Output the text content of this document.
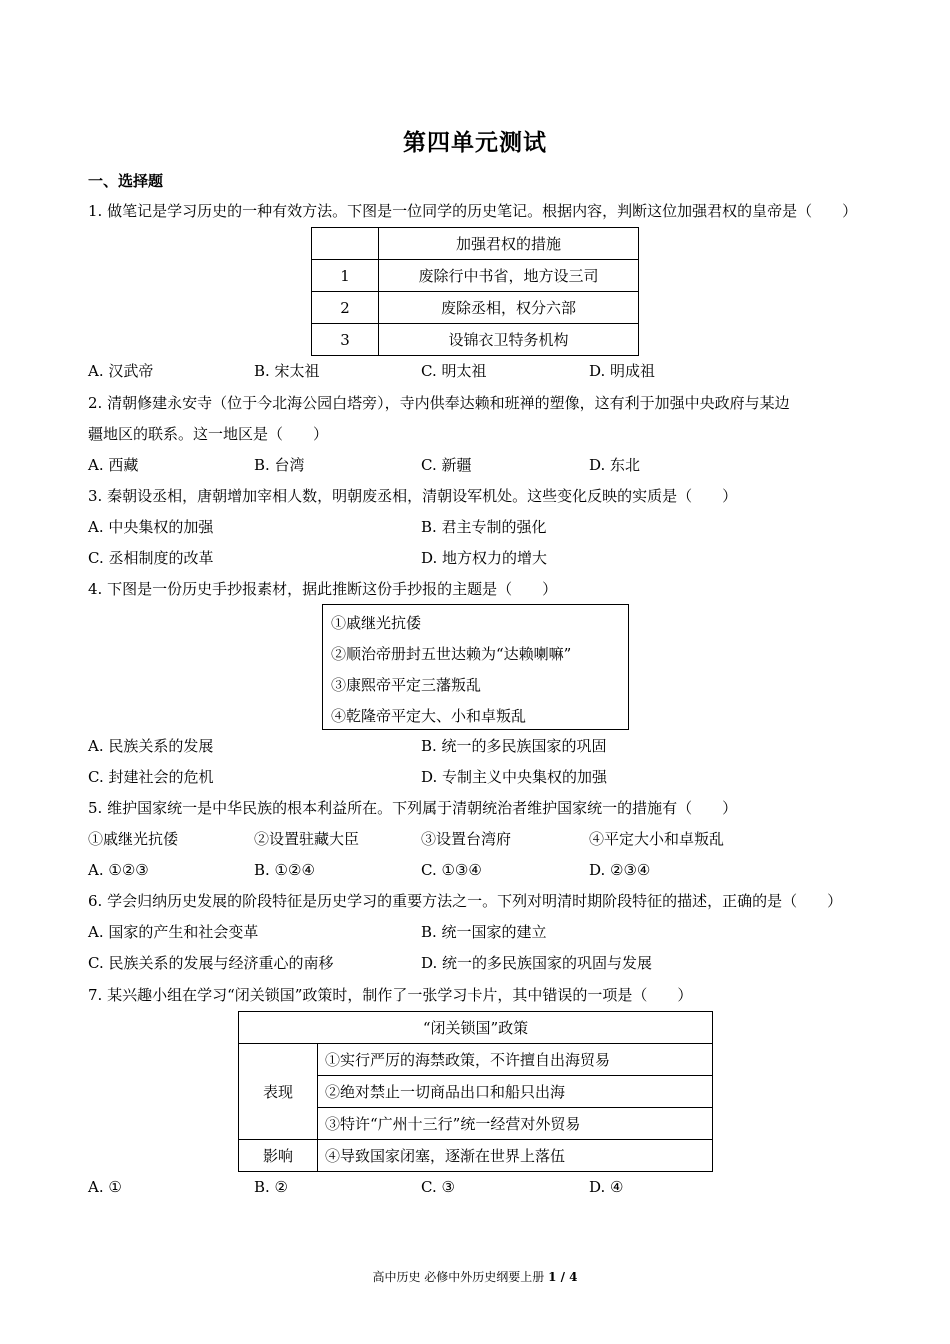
第四单元测试
一、选择题
1. 做笔记是学习历史的一种有效方法。下图是一位同学的历史笔记。根据内容，判断这位加强君权的皇帝是（　　）
	加强君权的措施
1	废除行中书省，地方设三司
2	废除丞相，权分六部
3	设锦衣卫特务机构
A. 汉武帝	B. 宋太祖	C. 明太祖	D. 明成祖
2. 清朝修建永安寺（位于今北海公园白塔旁），寺内供奉达赖和班禅的塑像，这有利于加强中央政府与某边
疆地区的联系。这一地区是（　　）
A. 西藏	B. 台湾	C. 新疆	D. 东北
3. 秦朝设丞相，唐朝增加宰相人数，明朝废丞相，清朝设军机处。这些变化反映的实质是（　　）
A. 中央集权的加强	B. 君主专制的强化
C. 丞相制度的改革	D. 地方权力的增大
4. 下图是一份历史手抄报素材，据此推断这份手抄报的主题是（　　）
①戚继光抗倭
②顺治帝册封五世达赖为“达赖喇嘛”
③康熙帝平定三藩叛乱
④乾隆帝平定大、小和卓叛乱
A. 民族关系的发展	B. 统一的多民族国家的巩固
C. 封建社会的危机	D. 专制主义中央集权的加强
5. 维护国家统一是中华民族的根本利益所在。下列属于清朝统治者维护国家统一的措施有（　　）
①戚继光抗倭	②设置驻藏大臣	③设置台湾府	④平定大小和卓叛乱
A. ①②③	B. ①②④	C. ①③④	D. ②③④
6. 学会归纳历史发展的阶段特征是历史学习的重要方法之一。下列对明清时期阶段特征的描述，正确的是（　　）
A. 国家的产生和社会变革	B. 统一国家的建立
C. 民族关系的发展与经济重心的南移	D. 统一的多民族国家的巩固与发展
7. 某兴趣小组在学习“闭关锁国”政策时，制作了一张学习卡片，其中错误的一项是（　　）
“闭关锁国”政策	
表现	①实行严厉的海禁政策，不许擅自出海贸易
	②绝对禁止一切商品出口和船只出海
	③特许“广州十三行”统一经营对外贸易
影响	④导致国家闭塞，逐渐在世界上落伍
A. ①	B. ②	C. ③	D. ④
高中历史 必修中外历史纲要上册 1 / 4
